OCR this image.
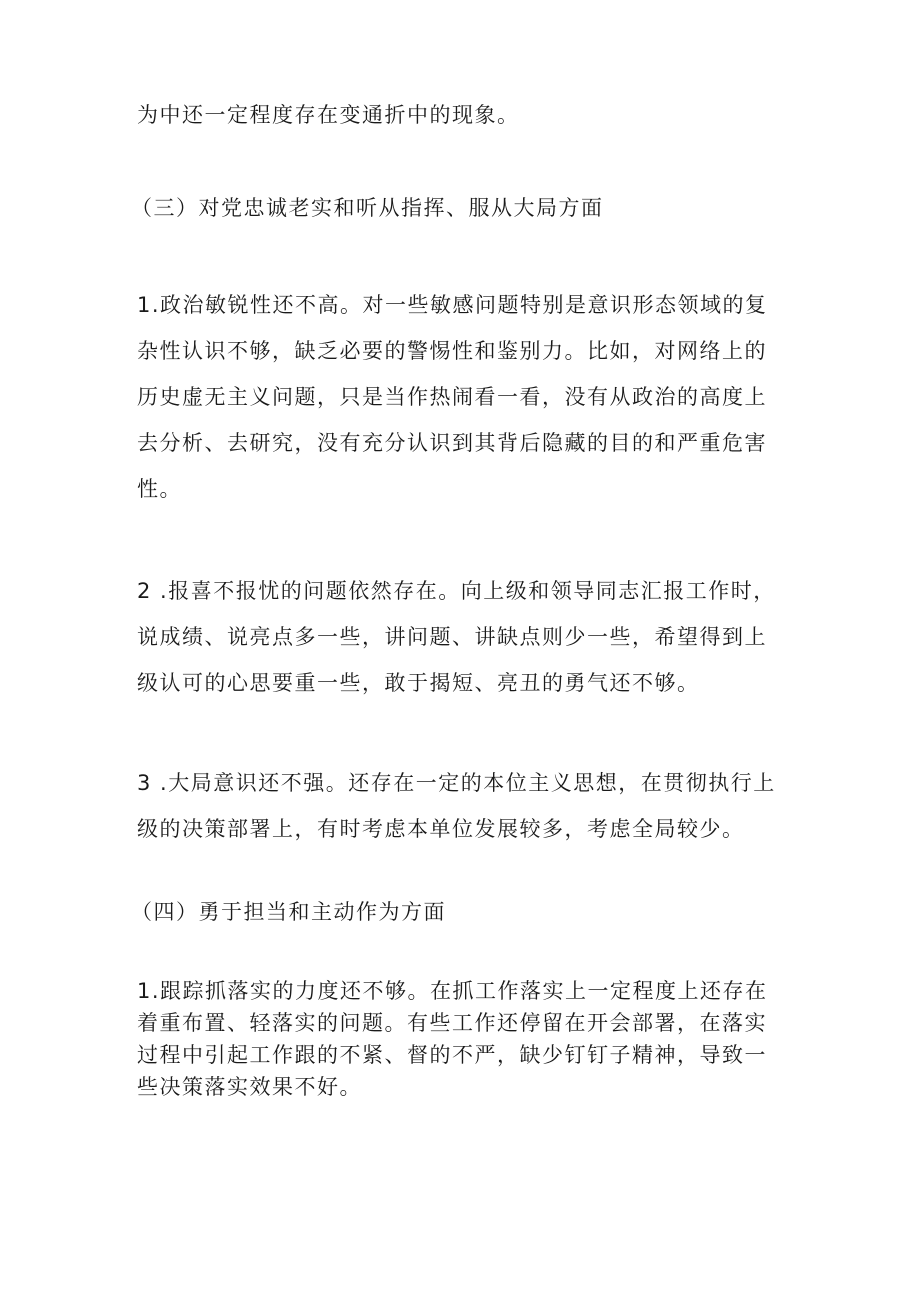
为中还一定程度存在变通折中的现象。
（三）对党忠诚老实和听从指挥、服从大局方面
1.政治敏锐性还不高。对一些敏感问题特别是意识形态领域的复
杂性认识不够，缺乏必要的警惕性和鉴别力。比如，对网络上的
历史虚无主义问题，只是当作热闹看一看，没有从政治的高度上
去分析、去研究，没有充分认识到其背后隐藏的目的和严重危害
性。
2 .报喜不报忧的问题依然存在。向上级和领导同志汇报工作时，
说成绩、说亮点多一些，讲问题、讲缺点则少一些，希望得到上
级认可的心思要重一些，敢于揭短、亮丑的勇气还不够。
3 .大局意识还不强。还存在一定的本位主义思想，在贯彻执行上
级的决策部署上，有时考虑本单位发展较多，考虑全局较少。
（四）勇于担当和主动作为方面
1.跟踪抓落实的力度还不够。在抓工作落实上一定程度上还存在
着重布置、轻落实的问题。有些工作还停留在开会部署，在落实
过程中引起工作跟的不紧、督的不严，缺少钉钉子精神，导致一
些决策落实效果不好。
